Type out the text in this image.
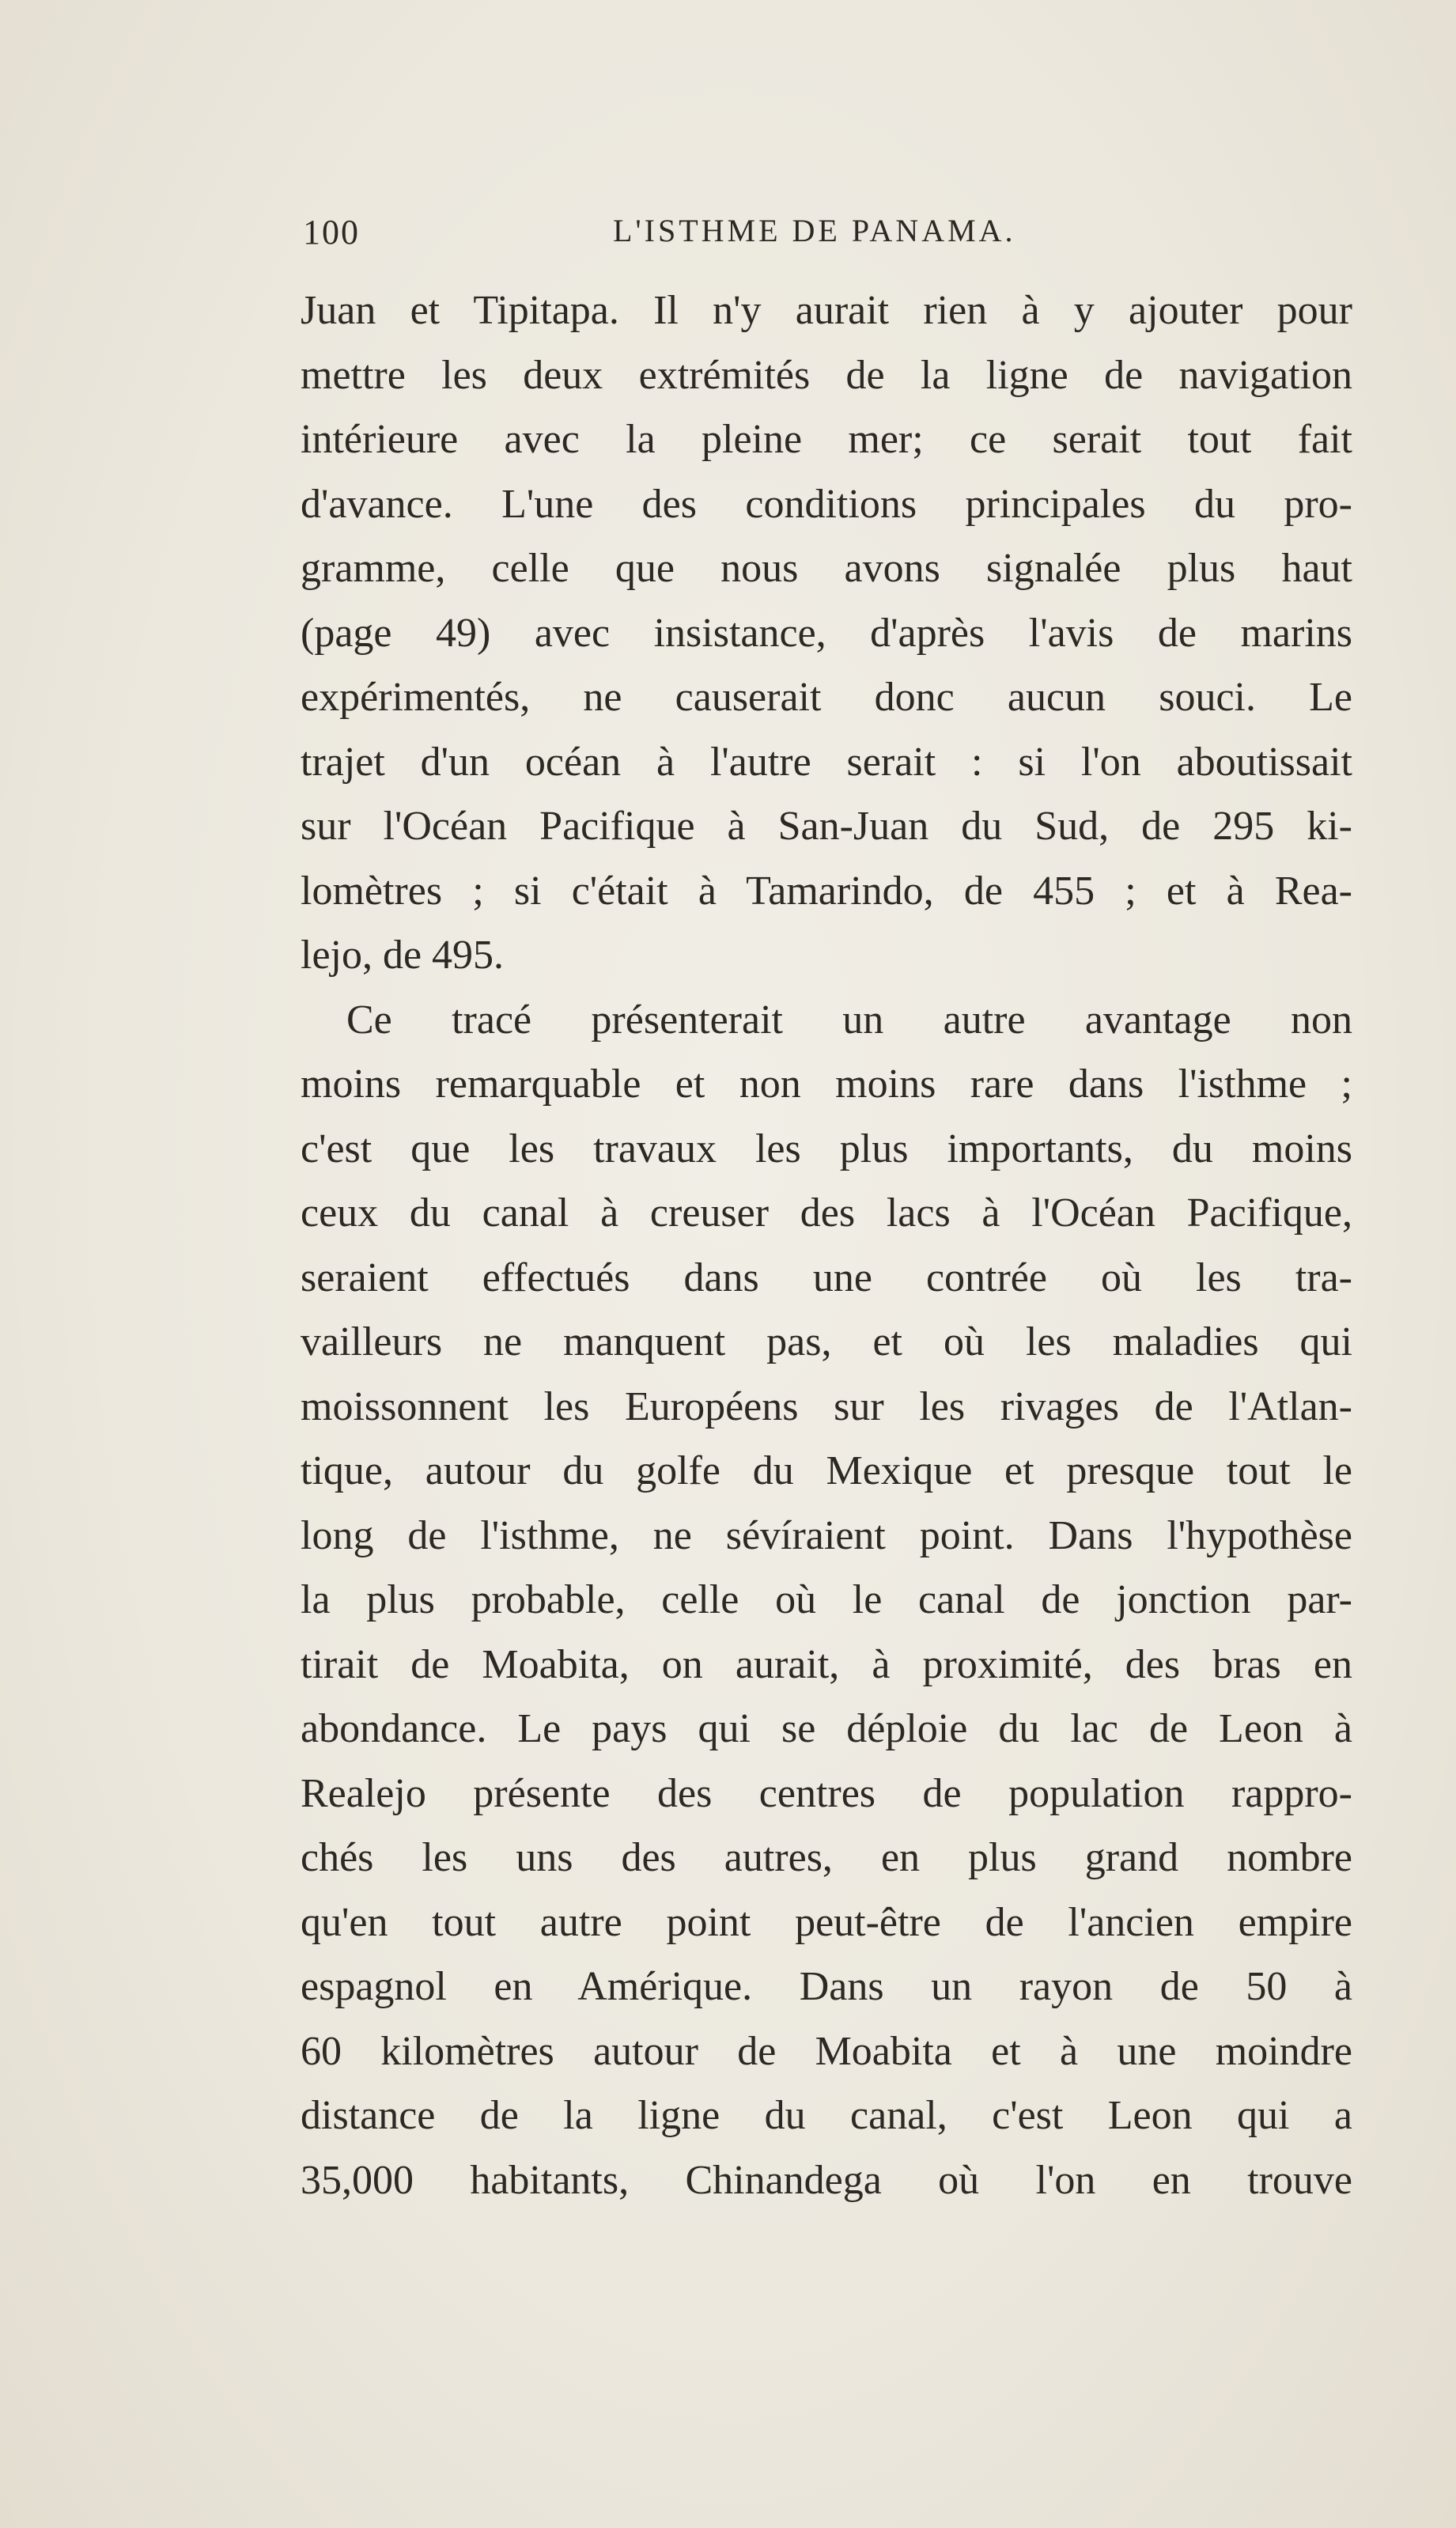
100	L'ISTHME DE PANAMA.
Juan et Tipitapa. Il n'y aurait rien à y ajouter pour
mettre les deux extrémités de la ligne de navigation
intérieure avec la pleine mer; ce serait tout fait
d'avance. L'une des conditions principales du pro-
gramme, celle que nous avons signalée plus haut
(page 49) avec insistance, d'après l'avis de marins
expérimentés, ne causerait donc aucun souci. Le
trajet d'un océan à l'autre serait : si l'on aboutissait
sur l'Océan Pacifique à San-Juan du Sud, de 295 ki-
lomètres ; si c'était à Tamarindo, de 455 ; et à Rea-
lejo, de 495.
Ce tracé présenterait un autre avantage non
moins remarquable et non moins rare dans l'isthme ;
c'est que les travaux les plus importants, du moins
ceux du canal à creuser des lacs à l'Océan Pacifique,
seraient effectués dans une contrée où les tra-
vailleurs ne manquent pas, et où les maladies qui
moissonnent les Européens sur les rivages de l'Atlan-
tique, autour du golfe du Mexique et presque tout le
long de l'isthme, ne sévíraient point. Dans l'hypothèse
la plus probable, celle où le canal de jonction par-
tirait de Moabita, on aurait, à proximité, des bras en
abondance. Le pays qui se déploie du lac de Leon à
Realejo présente des centres de population rappro-
chés les uns des autres, en plus grand nombre
qu'en tout autre point peut-être de l'ancien empire
espagnol en Amérique. Dans un rayon de 50 à
60 kilomètres autour de Moabita et à une moindre
distance de la ligne du canal, c'est Leon qui a
35,000 habitants, Chinandega où l'on en trouve
